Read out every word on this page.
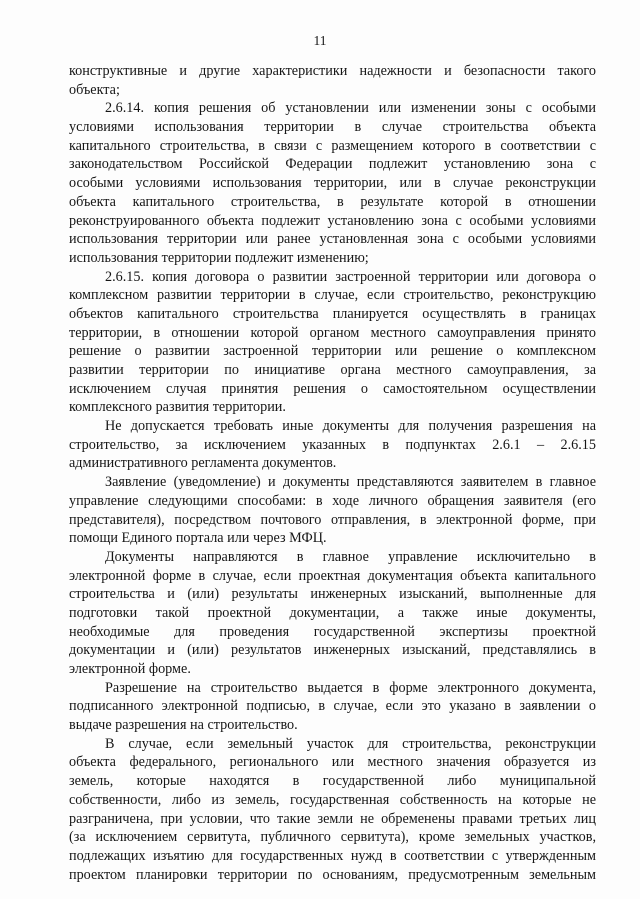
11
конструктивные и другие характеристики надежности и безопасности такого
объекта;
2.6.14. копия решения об установлении или изменении зоны с особыми
условиями использования территории в случае строительства объекта
капитального строительства, в связи с размещением которого в соответствии с
законодательством Российской Федерации подлежит установлению зона с
особыми условиями использования территории, или в случае реконструкции
объекта капитального строительства, в результате которой в отношении
реконструированного объекта подлежит установлению зона с особыми условиями
использования территории или ранее установленная зона с особыми условиями
использования территории подлежит изменению;
2.6.15. копия договора о развитии застроенной территории или договора о
комплексном развитии территории в случае, если строительство, реконструкцию
объектов капитального строительства планируется осуществлять в границах
территории, в отношении которой органом местного самоуправления принято
решение о развитии застроенной территории или решение о комплексном
развитии территории по инициативе органа местного самоуправления, за
исключением случая принятия решения о самостоятельном осуществлении
комплексного развития территории.
Не допускается требовать иные документы для получения разрешения на
строительство, за исключением указанных в подпунктах 2.6.1 – 2.6.15
административного регламента документов.
Заявление (уведомление) и документы представляются заявителем в главное
управление следующими способами: в ходе личного обращения заявителя (его
представителя), посредством почтового отправления, в электронной форме, при
помощи Единого портала или через МФЦ.
Документы направляются в главное управление исключительно в
электронной форме в случае, если проектная документация объекта капитального
строительства и (или) результаты инженерных изысканий, выполненные для
подготовки такой проектной документации, а также иные документы,
необходимые для проведения государственной экспертизы проектной
документации и (или) результатов инженерных изысканий, представлялись в
электронной форме.
Разрешение на строительство выдается в форме электронного документа,
подписанного электронной подписью, в случае, если это указано в заявлении о
выдаче разрешения на строительство.
В случае, если земельный участок для строительства, реконструкции
объекта федерального, регионального или местного значения образуется из
земель, которые находятся в государственной либо муниципальной
собственности, либо из земель, государственная собственность на которые не
разграничена, при условии, что такие земли не обременены правами третьих лиц
(за исключением сервитута, публичного сервитута), кроме земельных участков,
подлежащих изъятию для государственных нужд в соответствии с утвержденным
проектом планировки территории по основаниям, предусмотренным земельным
